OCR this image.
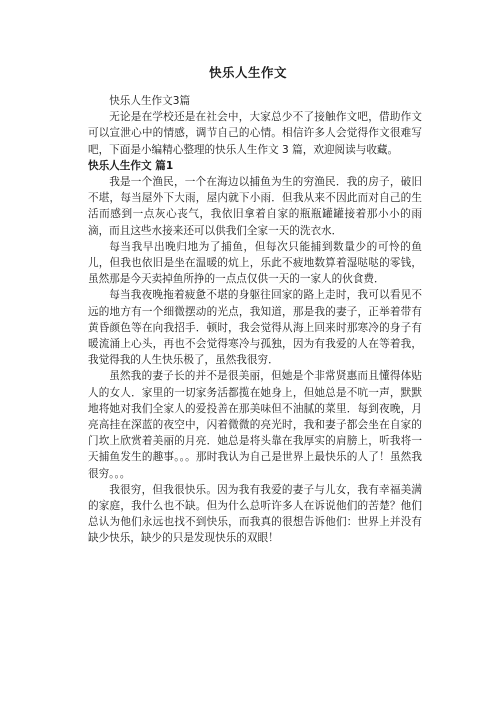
快乐人生作文

快乐人生作文3篇

无论是在学校还是在社会中，大家总少不了接触作文吧，借助作文可以宣泄心中的情感，调节自己的心情。相信许多人会觉得作文很难写吧，下面是小编精心整理的快乐人生作文 3 篇，欢迎阅读与收藏。

快乐人生作文 篇1

我是一个渔民，一个在海边以捕鱼为生的穷渔民．我的房子，破旧不堪，每当屋外下大雨，屋内就下小雨．但我从来不因此而对自己的生活而感到一点灰心丧气，我依旧拿着自家的瓶瓶罐罐接着那小小的雨滴，而且这些水接来还可以供我们全家一天的洗衣水．

每当我早出晚归地为了捕鱼，但每次只能捕到数量少的可怜的鱼儿，但我也依旧是坐在温暖的炕上，乐此不疲地数算着湿哒哒的零钱，虽然那是今天卖掉鱼所挣的一点点仅供一天的一家人的伙食费．

每当我夜晚拖着疲惫不堪的身躯往回家的路上走时，我可以看见不远的地方有一个细微摆动的光点，我知道，那是我的妻子，正举着带有黄昏颜色等在向我招手．顿时，我会觉得从海上回来时那寒冷的身子有暖流涌上心头，再也不会觉得寒冷与孤独，因为有我爱的人在等着我，我觉得我的人生快乐极了，虽然我很穷．

虽然我的妻子长的并不是很美丽，但她是个非常贤惠而且懂得体贴人的女人．家里的一切家务活都揽在她身上，但她总是不吭一声，默默地将她对我们全家人的爱投善在那美味但不油腻的菜里．每到夜晚，月亮高挂在深蓝的夜空中，闪着微微的亮光时，我和妻子都会坐在自家的门坎上欣赏着美丽的月亮．她总是将头靠在我厚实的肩膀上，听我将一天捕鱼发生的趣事。。。那时我认为自己是世界上最快乐的人了！虽然我很穷。。。

我很穷，但我很快乐。因为我有我爱的妻子与儿女，我有幸福美满的家庭，我什么也不缺。但为什么总听许多人在诉说他们的苦楚？他们总认为他们永远也找不到快乐，而我真的很想告诉他们：世界上并没有缺少快乐，缺少的只是发现快乐的双眼！
